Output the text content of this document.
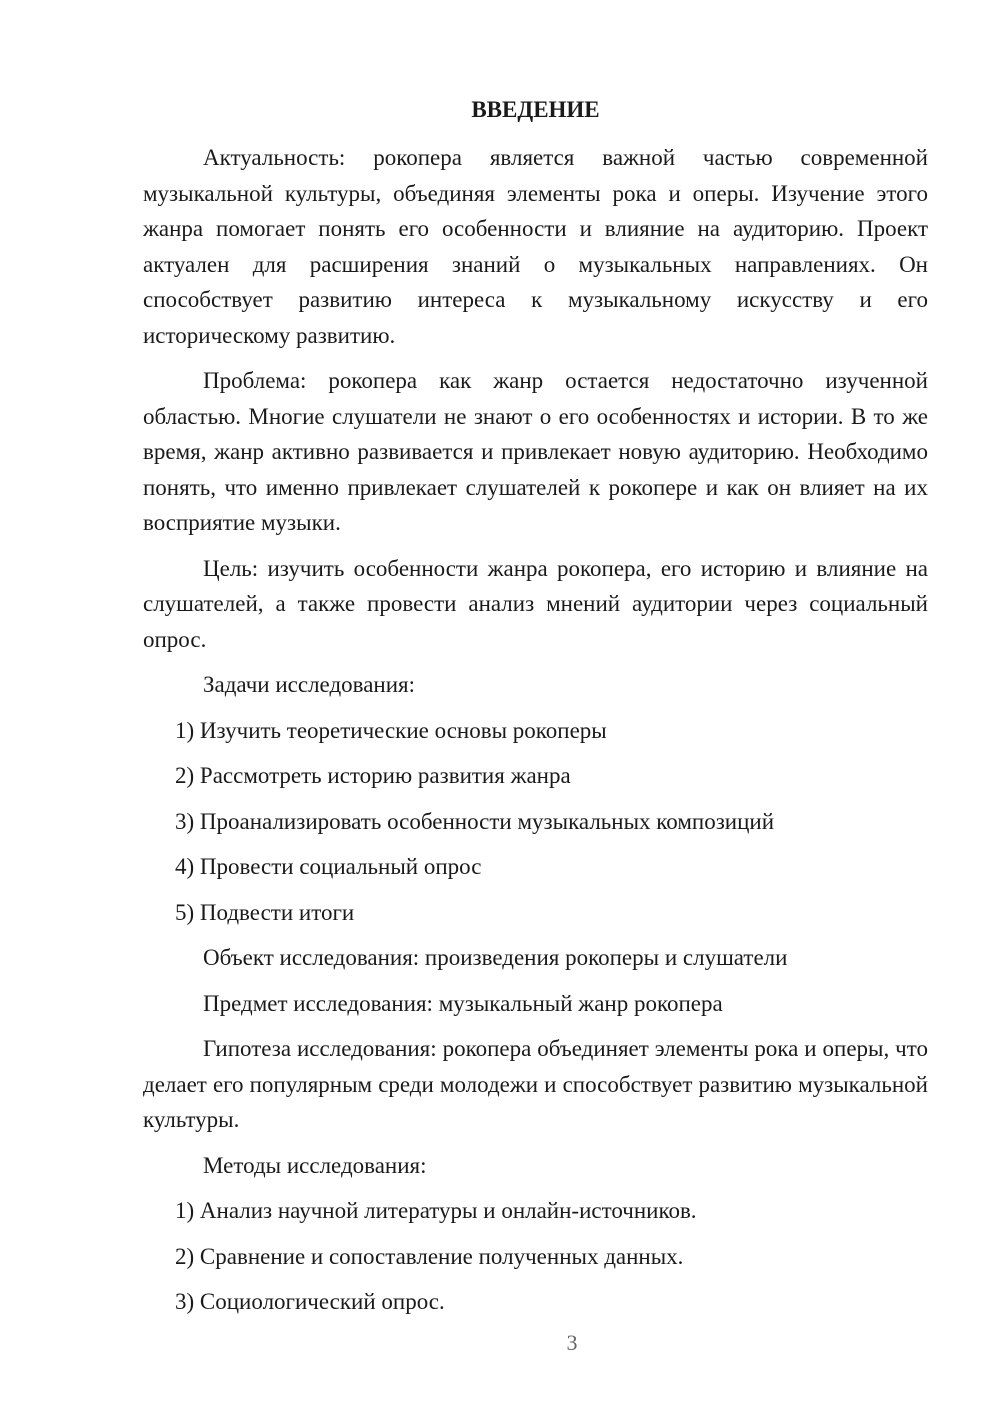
ВВЕДЕНИЕ

Актуальность: рокопера является важной частью современной музыкальной культуры, объединяя элементы рока и оперы. Изучение этого жанра помогает понять его особенности и влияние на аудиторию. Проект актуален для расширения знаний о музыкальных направлениях. Он способствует развитию интереса к музыкальному искусству и его историческому развитию.

Проблема: рокопера как жанр остается недостаточно изученной областью. Многие слушатели не знают о его особенностях и истории. В то же время, жанр активно развивается и привлекает новую аудиторию. Необходимо понять, что именно привлекает слушателей к рокопере и как он влияет на их восприятие музыки.

Цель: изучить особенности жанра рокопера, его историю и влияние на слушателей, а также провести анализ мнений аудитории через социальный опрос.

Задачи исследования:

1) Изучить теоретические основы рокоперы
2) Рассмотреть историю развития жанра
3) Проанализировать особенности музыкальных композиций
4) Провести социальный опрос
5) Подвести итоги

Объект исследования: произведения рокоперы и слушатели

Предмет исследования: музыкальный жанр рокопера

Гипотеза исследования: рокопера объединяет элементы рока и оперы, что делает его популярным среди молодежи и способствует развитию музыкальной культуры.

Методы исследования:

1) Анализ научной литературы и онлайн-источников.
2) Сравнение и сопоставление полученных данных.
3) Социологический опрос.
3
